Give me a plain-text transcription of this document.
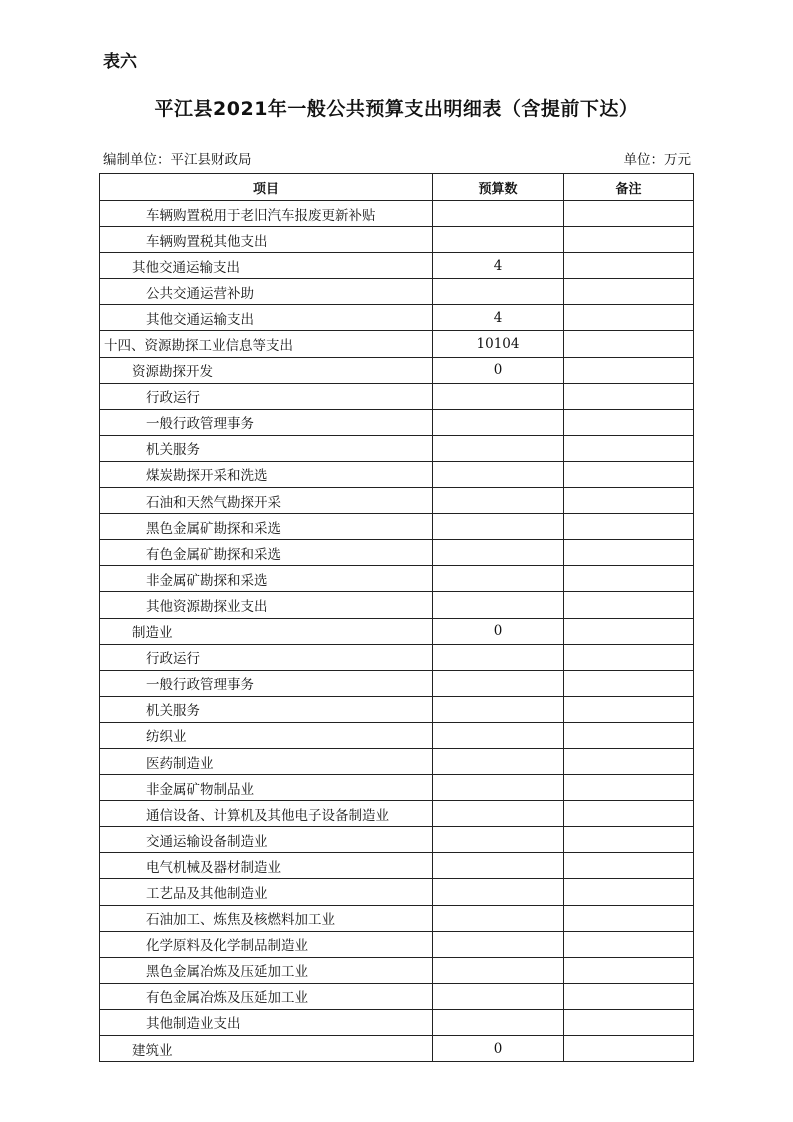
表六
平江县2021年一般公共预算支出明细表（含提前下达）
编制单位：平江县财政局	单位：万元
项目	预算数	备注
车辆购置税用于老旧汽车报废更新补贴		
车辆购置税其他支出		
其他交通运输支出	4	
公共交通运营补助		
其他交通运输支出	4	
十四、资源勘探工业信息等支出	10104	
资源勘探开发	0	
行政运行		
一般行政管理事务		
机关服务		
煤炭勘探开采和洗选		
石油和天然气勘探开采		
黑色金属矿勘探和采选		
有色金属矿勘探和采选		
非金属矿勘探和采选		
其他资源勘探业支出		
制造业	0	
行政运行		
一般行政管理事务		
机关服务		
纺织业		
医药制造业		
非金属矿物制品业		
通信设备、计算机及其他电子设备制造业		
交通运输设备制造业		
电气机械及器材制造业		
工艺品及其他制造业		
石油加工、炼焦及核燃料加工业		
化学原料及化学制品制造业		
黑色金属冶炼及压延加工业		
有色金属冶炼及压延加工业		
其他制造业支出		
建筑业	0	
